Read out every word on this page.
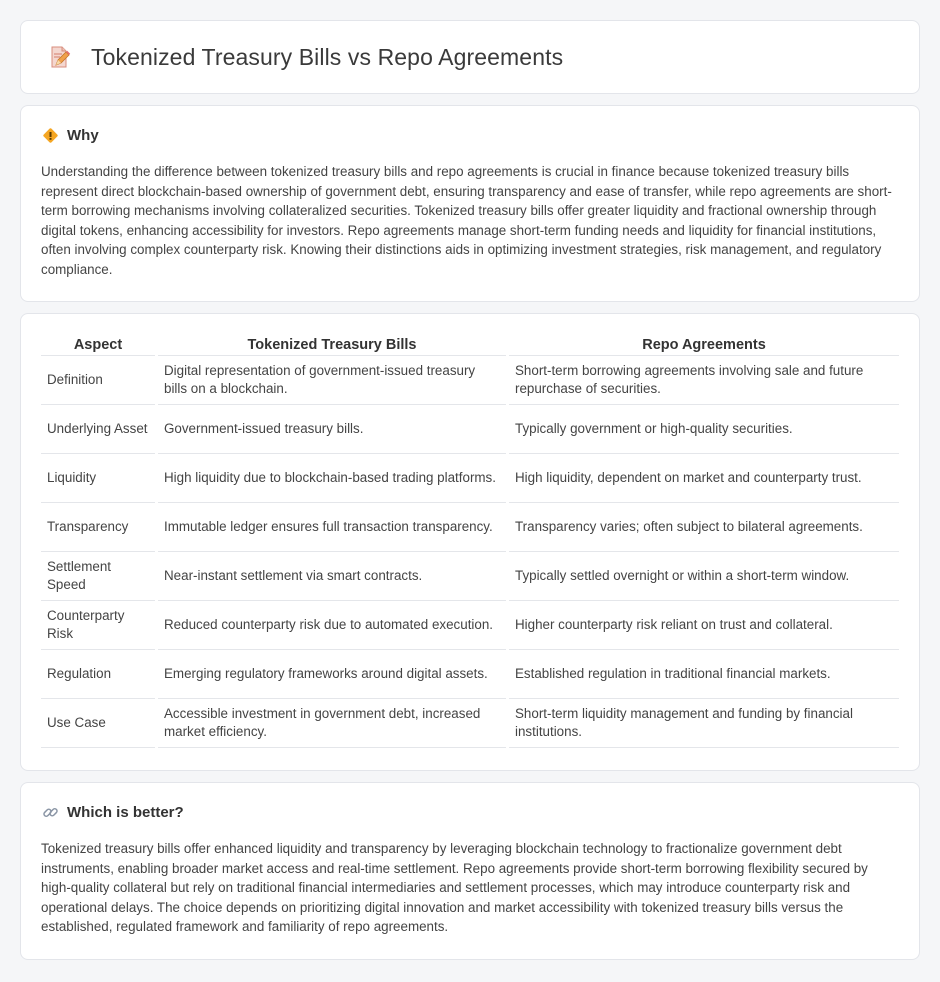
Tokenized Treasury Bills vs Repo Agreements
Why

Understanding the difference between tokenized treasury bills and repo agreements is crucial in finance because tokenized treasury bills represent direct blockchain-based ownership of government debt, ensuring transparency and ease of transfer, while repo agreements are short-term borrowing mechanisms involving collateralized securities. Tokenized treasury bills offer greater liquidity and fractional ownership through digital tokens, enhancing accessibility for investors. Repo agreements manage short-term funding needs and liquidity for financial institutions, often involving complex counterparty risk. Knowing their distinctions aids in optimizing investment strategies, risk management, and regulatory compliance.

Aspect	Tokenized Treasury Bills	Repo Agreements
Definition	Digital representation of government-issued treasury bills on a blockchain.	Short-term borrowing agreements involving sale and future repurchase of securities.
Underlying Asset	Government-issued treasury bills.	Typically government or high-quality securities.
Liquidity	High liquidity due to blockchain-based trading platforms.	High liquidity, dependent on market and counterparty trust.
Transparency	Immutable ledger ensures full transaction transparency.	Transparency varies; often subject to bilateral agreements.
Settlement Speed	Near-instant settlement via smart contracts.	Typically settled overnight or within a short-term window.
Counterparty Risk	Reduced counterparty risk due to automated execution.	Higher counterparty risk reliant on trust and collateral.
Regulation	Emerging regulatory frameworks around digital assets.	Established regulation in traditional financial markets.
Use Case	Accessible investment in government debt, increased market efficiency.	Short-term liquidity management and funding by financial institutions.
Which is better?

Tokenized treasury bills offer enhanced liquidity and transparency by leveraging blockchain technology to fractionalize government debt instruments, enabling broader market access and real-time settlement. Repo agreements provide short-term borrowing flexibility secured by high-quality collateral but rely on traditional financial intermediaries and settlement processes, which may introduce counterparty risk and operational delays. The choice depends on prioritizing digital innovation and market accessibility with tokenized treasury bills versus the established, regulated framework and familiarity of repo agreements.
